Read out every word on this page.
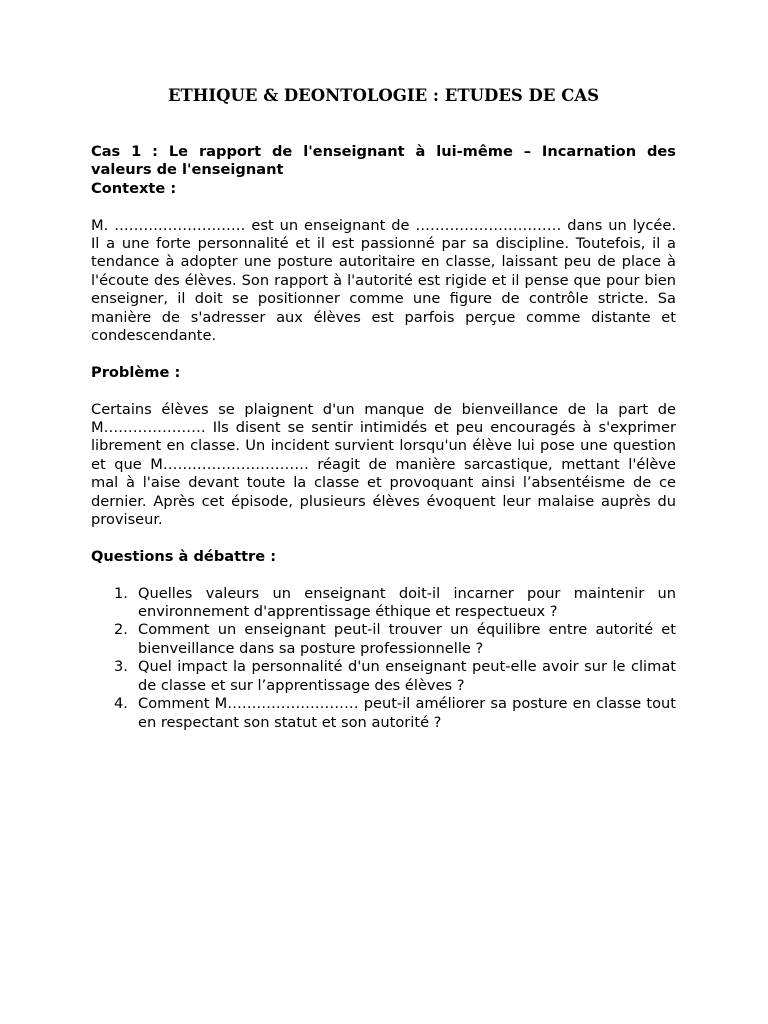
ETHIQUE & DEONTOLOGIE : ETUDES DE CAS

Cas 1 : Le rapport de l'enseignant à lui-même – Incarnation des valeurs de l'enseignant

Contexte :

M. ……………………… est un enseignant de ………………………… dans un lycée. Il a une forte personnalité et il est passionné par sa discipline. Toutefois, il a tendance à adopter une posture autoritaire en classe, laissant peu de place à l'écoute des élèves. Son rapport à l'autorité est rigide et il pense que pour bien enseigner, il doit se positionner comme une figure de contrôle stricte. Sa manière de s'adresser aux élèves est parfois perçue comme distante et condescendante.

Problème :

Certains élèves se plaignent d'un manque de bienveillance de la part de M………………… Ils disent se sentir intimidés et peu encouragés à s'exprimer librement en classe. Un incident survient lorsqu'un élève lui pose une question et que M………………………… réagit de manière sarcastique, mettant l'élève mal à l'aise devant toute la classe et provoquant ainsi l’absentéisme de ce dernier. Après cet épisode, plusieurs élèves évoquent leur malaise auprès du proviseur.

Questions à débattre :

1. Quelles valeurs un enseignant doit-il incarner pour maintenir un environnement d'apprentissage éthique et respectueux ?
2. Comment un enseignant peut-il trouver un équilibre entre autorité et bienveillance dans sa posture professionnelle ?
3. Quel impact la personnalité d'un enseignant peut-elle avoir sur le climat de classe et sur l’apprentissage des élèves ?
4. Comment M……………………… peut-il améliorer sa posture en classe tout en respectant son statut et son autorité ?
